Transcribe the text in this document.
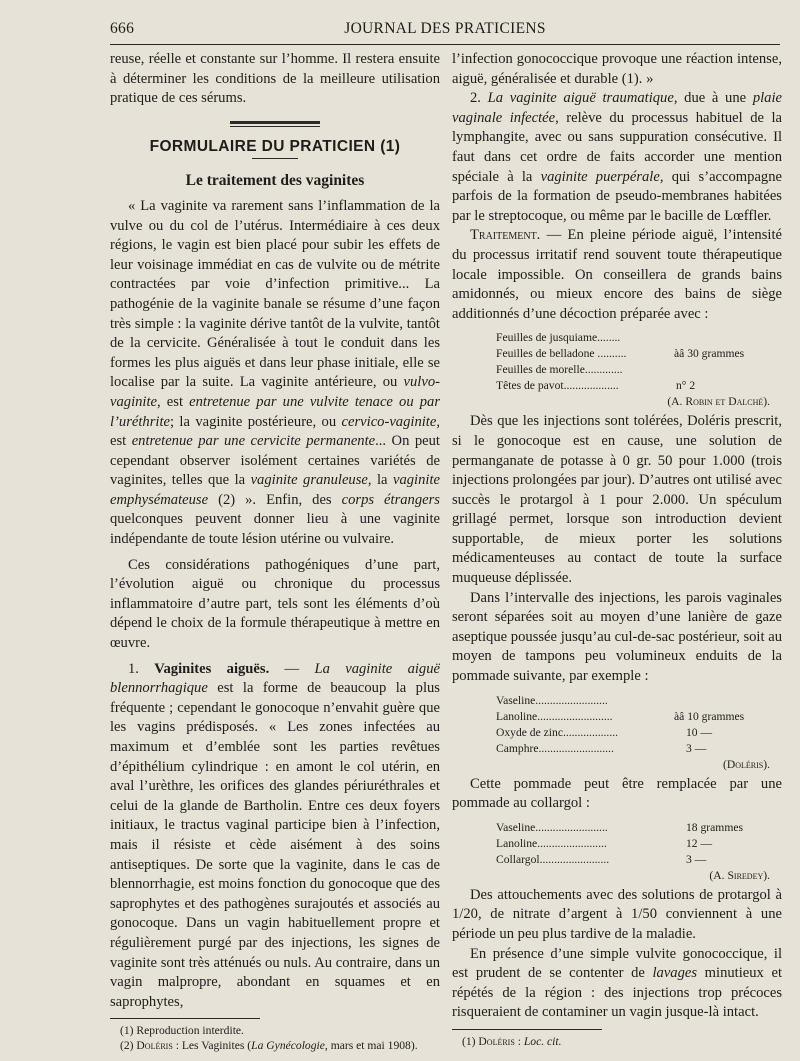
666	JOURNAL DES PRATICIENS

reuse, réelle et constante sur l’homme. Il restera ensuite à déterminer les conditions de la meilleure utilisation pratique de ces sérums.

FORMULAIRE DU PRATICIEN (1)
Le traitement des vaginites

« La vaginite va rarement sans l’inflammation de la vulve ou du col de l’utérus. Intermédiaire à ces deux régions, le vagin est bien placé pour subir les effets de leur voisinage immédiat en cas de vulvite ou de métrite contractées par voie d’infection primitive... La pathogénie de la vaginite banale se résume d’une façon très simple : la vaginite dérive tantôt de la vulvite, tantôt de la cervicite. Généralisée à tout le conduit dans les formes les plus aiguës et dans leur phase initiale, elle se localise par la suite. La vaginite antérieure, ou vulvo-vaginite, est entretenue par une vulvite tenace ou par l’uréthrite; la vaginite postérieure, ou cervico-vaginite, est entretenue par une cervicite permanente... On peut cependant observer isolément certaines variétés de vaginites, telles que la vaginite granuleuse, la vaginite emphysémateuse (2) ». Enfin, des corps étrangers quelconques peuvent donner lieu à une vaginite indépendante de toute lésion utérine ou vulvaire.

Ces considérations pathogéniques d’une part, l’évolution aiguë ou chronique du processus inflammatoire d’autre part, tels sont les éléments d’où dépend le choix de la formule thérapeutique à mettre en œuvre.

1. Vaginites aiguës. — La vaginite aiguë blennorrhagique est la forme de beaucoup la plus fréquente ; cependant le gonocoque n’envahit guère que les vagins prédisposés. « Les zones infectées au maximum et d’emblée sont les parties revêtues d’épithélium cylindrique : en amont le col utérin, en aval l’urèthre, les orifices des glandes périuréthrales et celui de la glande de Bartholin. Entre ces deux foyers initiaux, le tractus vaginal participe bien à l’infection, mais il résiste et cède aisément à des soins antiseptiques. De sorte que la vaginite, dans le cas de blennorrhagie, est moins fonction du gonocoque que des saprophytes et des pathogènes surajoutés et associés au gonocoque. Dans un vagin habituellement propre et régulièrement purgé par des injections, les signes de vaginite sont très atténués ou nuls. Au contraire, dans un vagin malpropre, abondant en squames et en saprophytes,

(1) Reproduction interdite.

(2) Doléris : Les Vaginites (La Gynécologie, mars et mai 1908).

l’infection gonococcique provoque une réaction intense, aiguë, généralisée et durable (1). »

2. La vaginite aiguë traumatique, due à une plaie vaginale infectée, relève du processus habituel de la lymphangite, avec ou sans suppuration consécutive. Il faut dans cet ordre de faits accorder une mention spéciale à la vaginite puerpérale, qui s’accompagne parfois de la formation de pseudo-membranes habitées par le streptocoque, ou même par le bacille de Lœffler.

Traitement. — En pleine période aiguë, l’intensité du processus irritatif rend souvent toute thérapeutique locale impossible. On conseillera de grands bains amidonnés, ou mieux encore des bains de siège additionnés d’une décoction préparée avec :

Feuilles de jusquiame........
Feuilles de belladone ..........	àâ 30 grammes
Feuilles de morelle.............
Têtes de pavot...................	n° 2
(A. Robin et Dalché).

Dès que les injections sont tolérées, Doléris prescrit, si le gonocoque est en cause, une solution de permanganate de potasse à 0 gr. 50 pour 1.000 (trois injections prolongées par jour). D’autres ont utilisé avec succès le protargol à 1 pour 2.000. Un spéculum grillagé permet, lorsque son introduction devient supportable, de mieux porter les solutions médicamenteuses au contact de toute la surface muqueuse déplissée.

Dans l’intervalle des injections, les parois vaginales seront séparées soit au moyen d’une lanière de gaze aseptique poussée jusqu’au cul-de-sac postérieur, soit au moyen de tampons peu volumineux enduits de la pommade suivante, par exemple :

Vaseline.........................
Lanoline..........................	àâ 10 grammes
Oxyde de zinc...................	10 —
Camphre..........................	3 —
(Doléris).

Cette pommade peut être remplacée par une pommade au collargol :

Vaseline.........................	18 grammes
Lanoline........................	12 —
Collargol........................	3 —
(A. Siredey).

Des attouchements avec des solutions de protargol à 1/20, de nitrate d’argent à 1/50 conviennent à une période un peu plus tardive de la maladie.

En présence d’une simple vulvite gonococcique, il est prudent de se contenter de lavages minutieux et répétés de la région : des injections trop précoces risqueraient de contaminer un vagin jusque-là intact.

(1) Doléris : Loc. cit.
